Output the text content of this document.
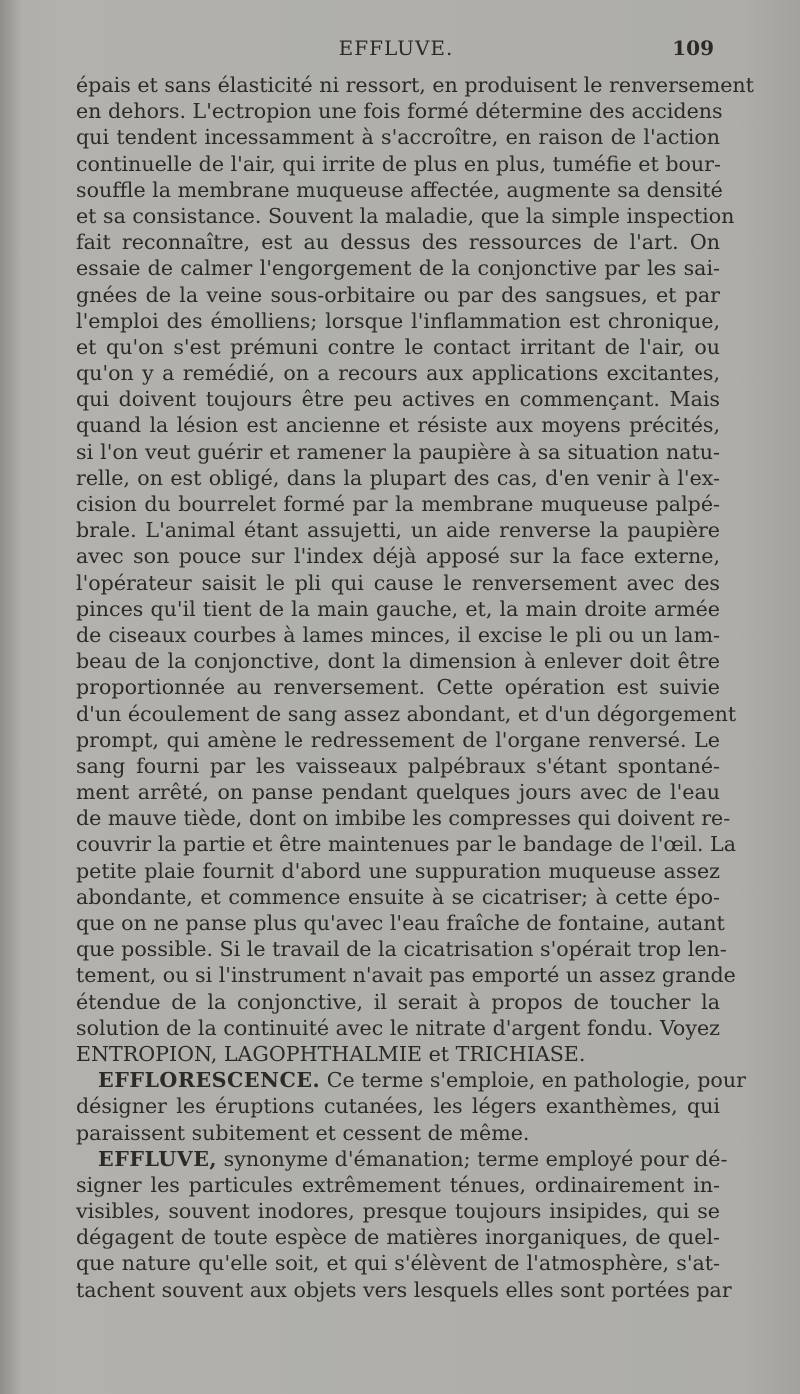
EFFLUVE.	109
épais et sans élasticité ni ressort, en produisent le renversement
en dehors. L'ectropion une fois formé détermine des accidens
qui tendent incessamment à s'accroître, en raison de l'action
continuelle de l'air, qui irrite de plus en plus, tuméfie et bour-
souffle la membrane muqueuse affectée, augmente sa densité
et sa consistance. Souvent la maladie, que la simple inspection
fait reconnaître, est au dessus des ressources de l'art. On
essaie de calmer l'engorgement de la conjonctive par les sai-
gnées de la veine sous-orbitaire ou par des sangsues, et par
l'emploi des émolliens; lorsque l'inflammation est chronique,
et qu'on s'est prémuni contre le contact irritant de l'air, ou
qu'on y a remédié, on a recours aux applications excitantes,
qui doivent toujours être peu actives en commençant. Mais
quand la lésion est ancienne et résiste aux moyens précités,
si l'on veut guérir et ramener la paupière à sa situation natu-
relle, on est obligé, dans la plupart des cas, d'en venir à l'ex-
cision du bourrelet formé par la membrane muqueuse palpé-
brale. L'animal étant assujetti, un aide renverse la paupière
avec son pouce sur l'index déjà apposé sur la face externe,
l'opérateur saisit le pli qui cause le renversement avec des
pinces qu'il tient de la main gauche, et, la main droite armée
de ciseaux courbes à lames minces, il excise le pli ou un lam-
beau de la conjonctive, dont la dimension à enlever doit être
proportionnée au renversement. Cette opération est suivie
d'un écoulement de sang assez abondant, et d'un dégorgement
prompt, qui amène le redressement de l'organe renversé. Le
sang fourni par les vaisseaux palpébraux s'étant spontané-
ment arrêté, on panse pendant quelques jours avec de l'eau
de mauve tiède, dont on imbibe les compresses qui doivent re-
couvrir la partie et être maintenues par le bandage de l'œil. La
petite plaie fournit d'abord une suppuration muqueuse assez
abondante, et commence ensuite à se cicatriser; à cette épo-
que on ne panse plus qu'avec l'eau fraîche de fontaine, autant
que possible. Si le travail de la cicatrisation s'opérait trop len-
tement, ou si l'instrument n'avait pas emporté un assez grande
étendue de la conjonctive, il serait à propos de toucher la
solution de la continuité avec le nitrate d'argent fondu. Voyez
ENTROPION, LAGOPHTHALMIE et TRICHIASE.
EFFLORESCENCE. Ce terme s'emploie, en pathologie, pour
désigner les éruptions cutanées, les légers exanthèmes, qui
paraissent subitement et cessent de même.
EFFLUVE, synonyme d'émanation; terme employé pour dé-
signer les particules extrêmement ténues, ordinairement in-
visibles, souvent inodores, presque toujours insipides, qui se
dégagent de toute espèce de matières inorganiques, de quel-
que nature qu'elle soit, et qui s'élèvent de l'atmosphère, s'at-
tachent souvent aux objets vers lesquels elles sont portées par
